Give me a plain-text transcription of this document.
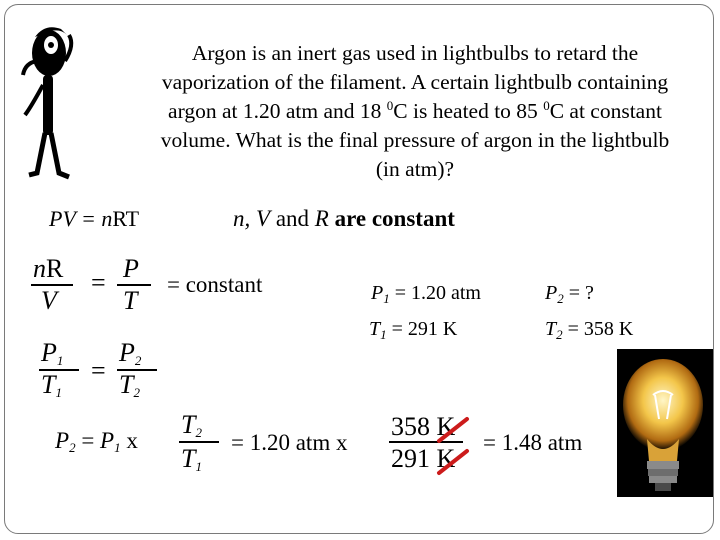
Argon is an inert gas used in lightbulbs to retard the
vaporization of the filament. A certain lightbulb containing
argon at 1.20 atm and 18 $^0$C is heated to 85 $^0$C at constant
volume. What is the final pressure of argon in the lightbulb
(in atm)?
PV = nRT	n, V and R are constant
nR
V
= P
T
= constant	$P_1 = 1.20$ atm
$T_1 = 291$ K
$P_2$ = ?
$T_2 = 358$ K
$P_1$
$T_1$
=
$P_2$
$T_2$
$P_2 = P_1$ x
$T_2$
$T_1$
= 1.20 atm x
358 K
291 K
= 1.48 atm
